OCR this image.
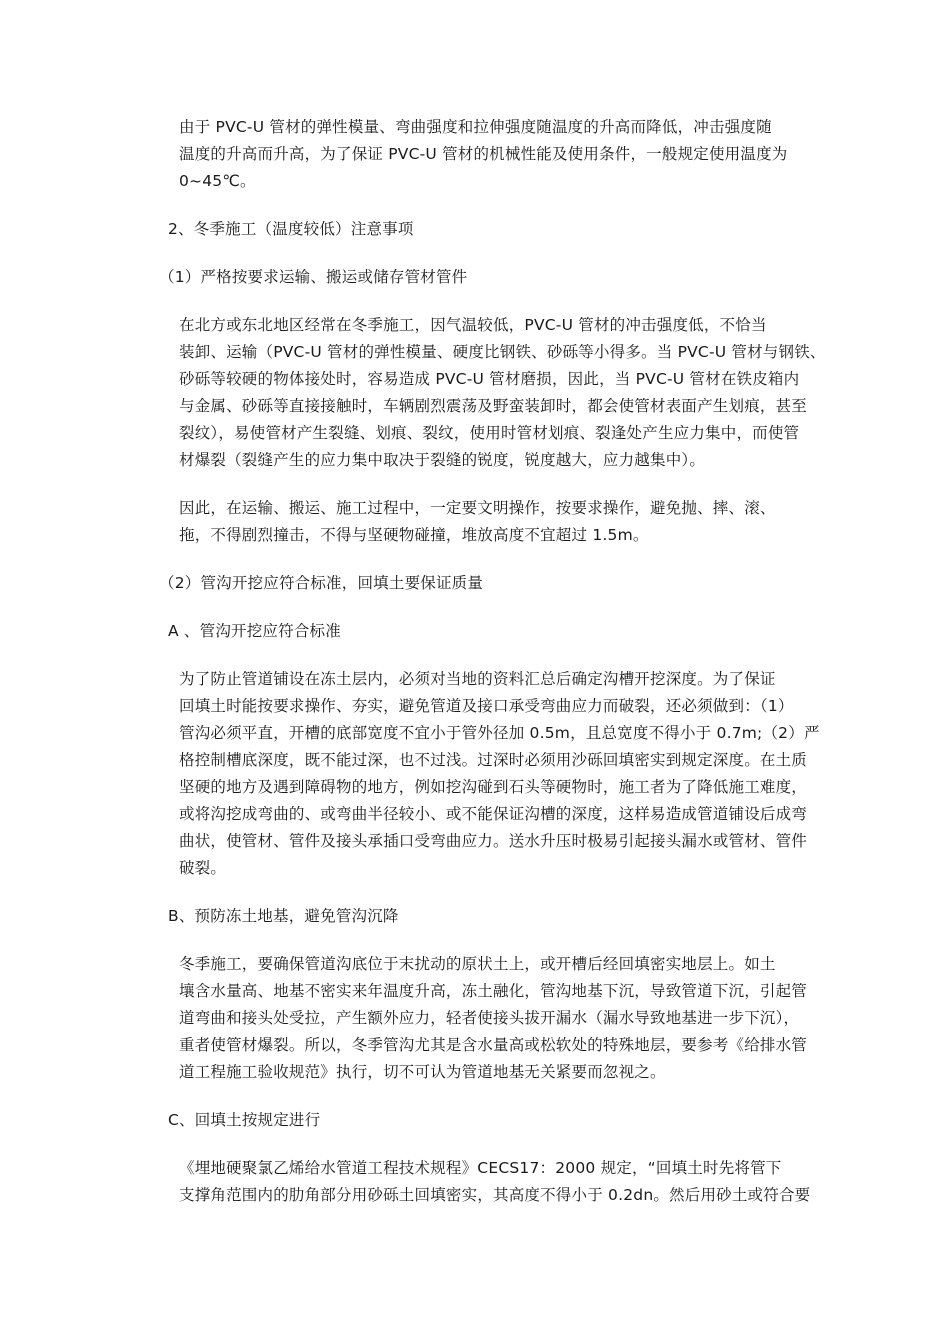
由于 PVC-U 管材的弹性模量、弯曲强度和拉伸强度随温度的升高而降低，冲击强度随
温度的升高而升高，为了保证 PVC-U 管材的机械性能及使用条件，一般规定使用温度为
0~45℃。
2、冬季施工（温度较低）注意事项
（1）严格按要求运输、搬运或储存管材管件
在北方或东北地区经常在冬季施工，因气温较低，PVC-U 管材的冲击强度低，不恰当
装卸、运输（PVC-U 管材的弹性模量、硬度比钢铁、砂砾等小得多。当 PVC-U 管材与钢铁、
砂砾等较硬的物体接处时，容易造成 PVC-U 管材磨损，因此，当 PVC-U 管材在铁皮箱内
与金属、砂砾等直接接触时，车辆剧烈震荡及野蛮装卸时，都会使管材表面产生划痕，甚至
裂纹），易使管材产生裂缝、划痕、裂纹，使用时管材划痕、裂逢处产生应力集中，而使管
材爆裂（裂缝产生的应力集中取决于裂缝的锐度，锐度越大，应力越集中）。
因此，在运输、搬运、施工过程中，一定要文明操作，按要求操作，避免抛、摔、滚、
拖，不得剧烈撞击，不得与坚硬物碰撞，堆放高度不宜超过 1.5m。
（2）管沟开挖应符合标准，回填土要保证质量
A 、管沟开挖应符合标准
为了防止管道铺设在冻土层内，必须对当地的资料汇总后确定沟槽开挖深度。为了保证
回填土时能按要求操作、夯实，避免管道及接口承受弯曲应力而破裂，还必须做到：（1）
管沟必须平直，开槽的底部宽度不宜小于管外径加 0.5m，且总宽度不得小于 0.7m;（2）严
格控制槽底深度，既不能过深，也不过浅。过深时必须用沙砾回填密实到规定深度。在土质
坚硬的地方及遇到障碍物的地方，例如挖沟碰到石头等硬物时，施工者为了降低施工难度，
或将沟挖成弯曲的、或弯曲半径较小、或不能保证沟槽的深度，这样易造成管道铺设后成弯
曲状，使管材、管件及接头承插口受弯曲应力。送水升压时极易引起接头漏水或管材、管件
破裂。
B、预防冻土地基，避免管沟沉降
冬季施工，要确保管道沟底位于末扰动的原状土上，或开槽后经回填密实地层上。如土
壤含水量高、地基不密实来年温度升高，冻土融化，管沟地基下沉，导致管道下沉，引起管
道弯曲和接头处受拉，产生额外应力，轻者使接头拔开漏水（漏水导致地基进一步下沉），
重者使管材爆裂。所以，冬季管沟尤其是含水量高或松软处的特殊地层，要参考《给排水管
道工程施工验收规范》执行，切不可认为管道地基无关紧要而忽视之。
C、回填土按规定进行
《埋地硬聚氯乙烯给水管道工程技术规程》CECS17：2000 规定，“回填土时先将管下
支撑角范围内的肋角部分用砂砾土回填密实，其高度不得小于 0.2dn。然后用砂土或符合要
